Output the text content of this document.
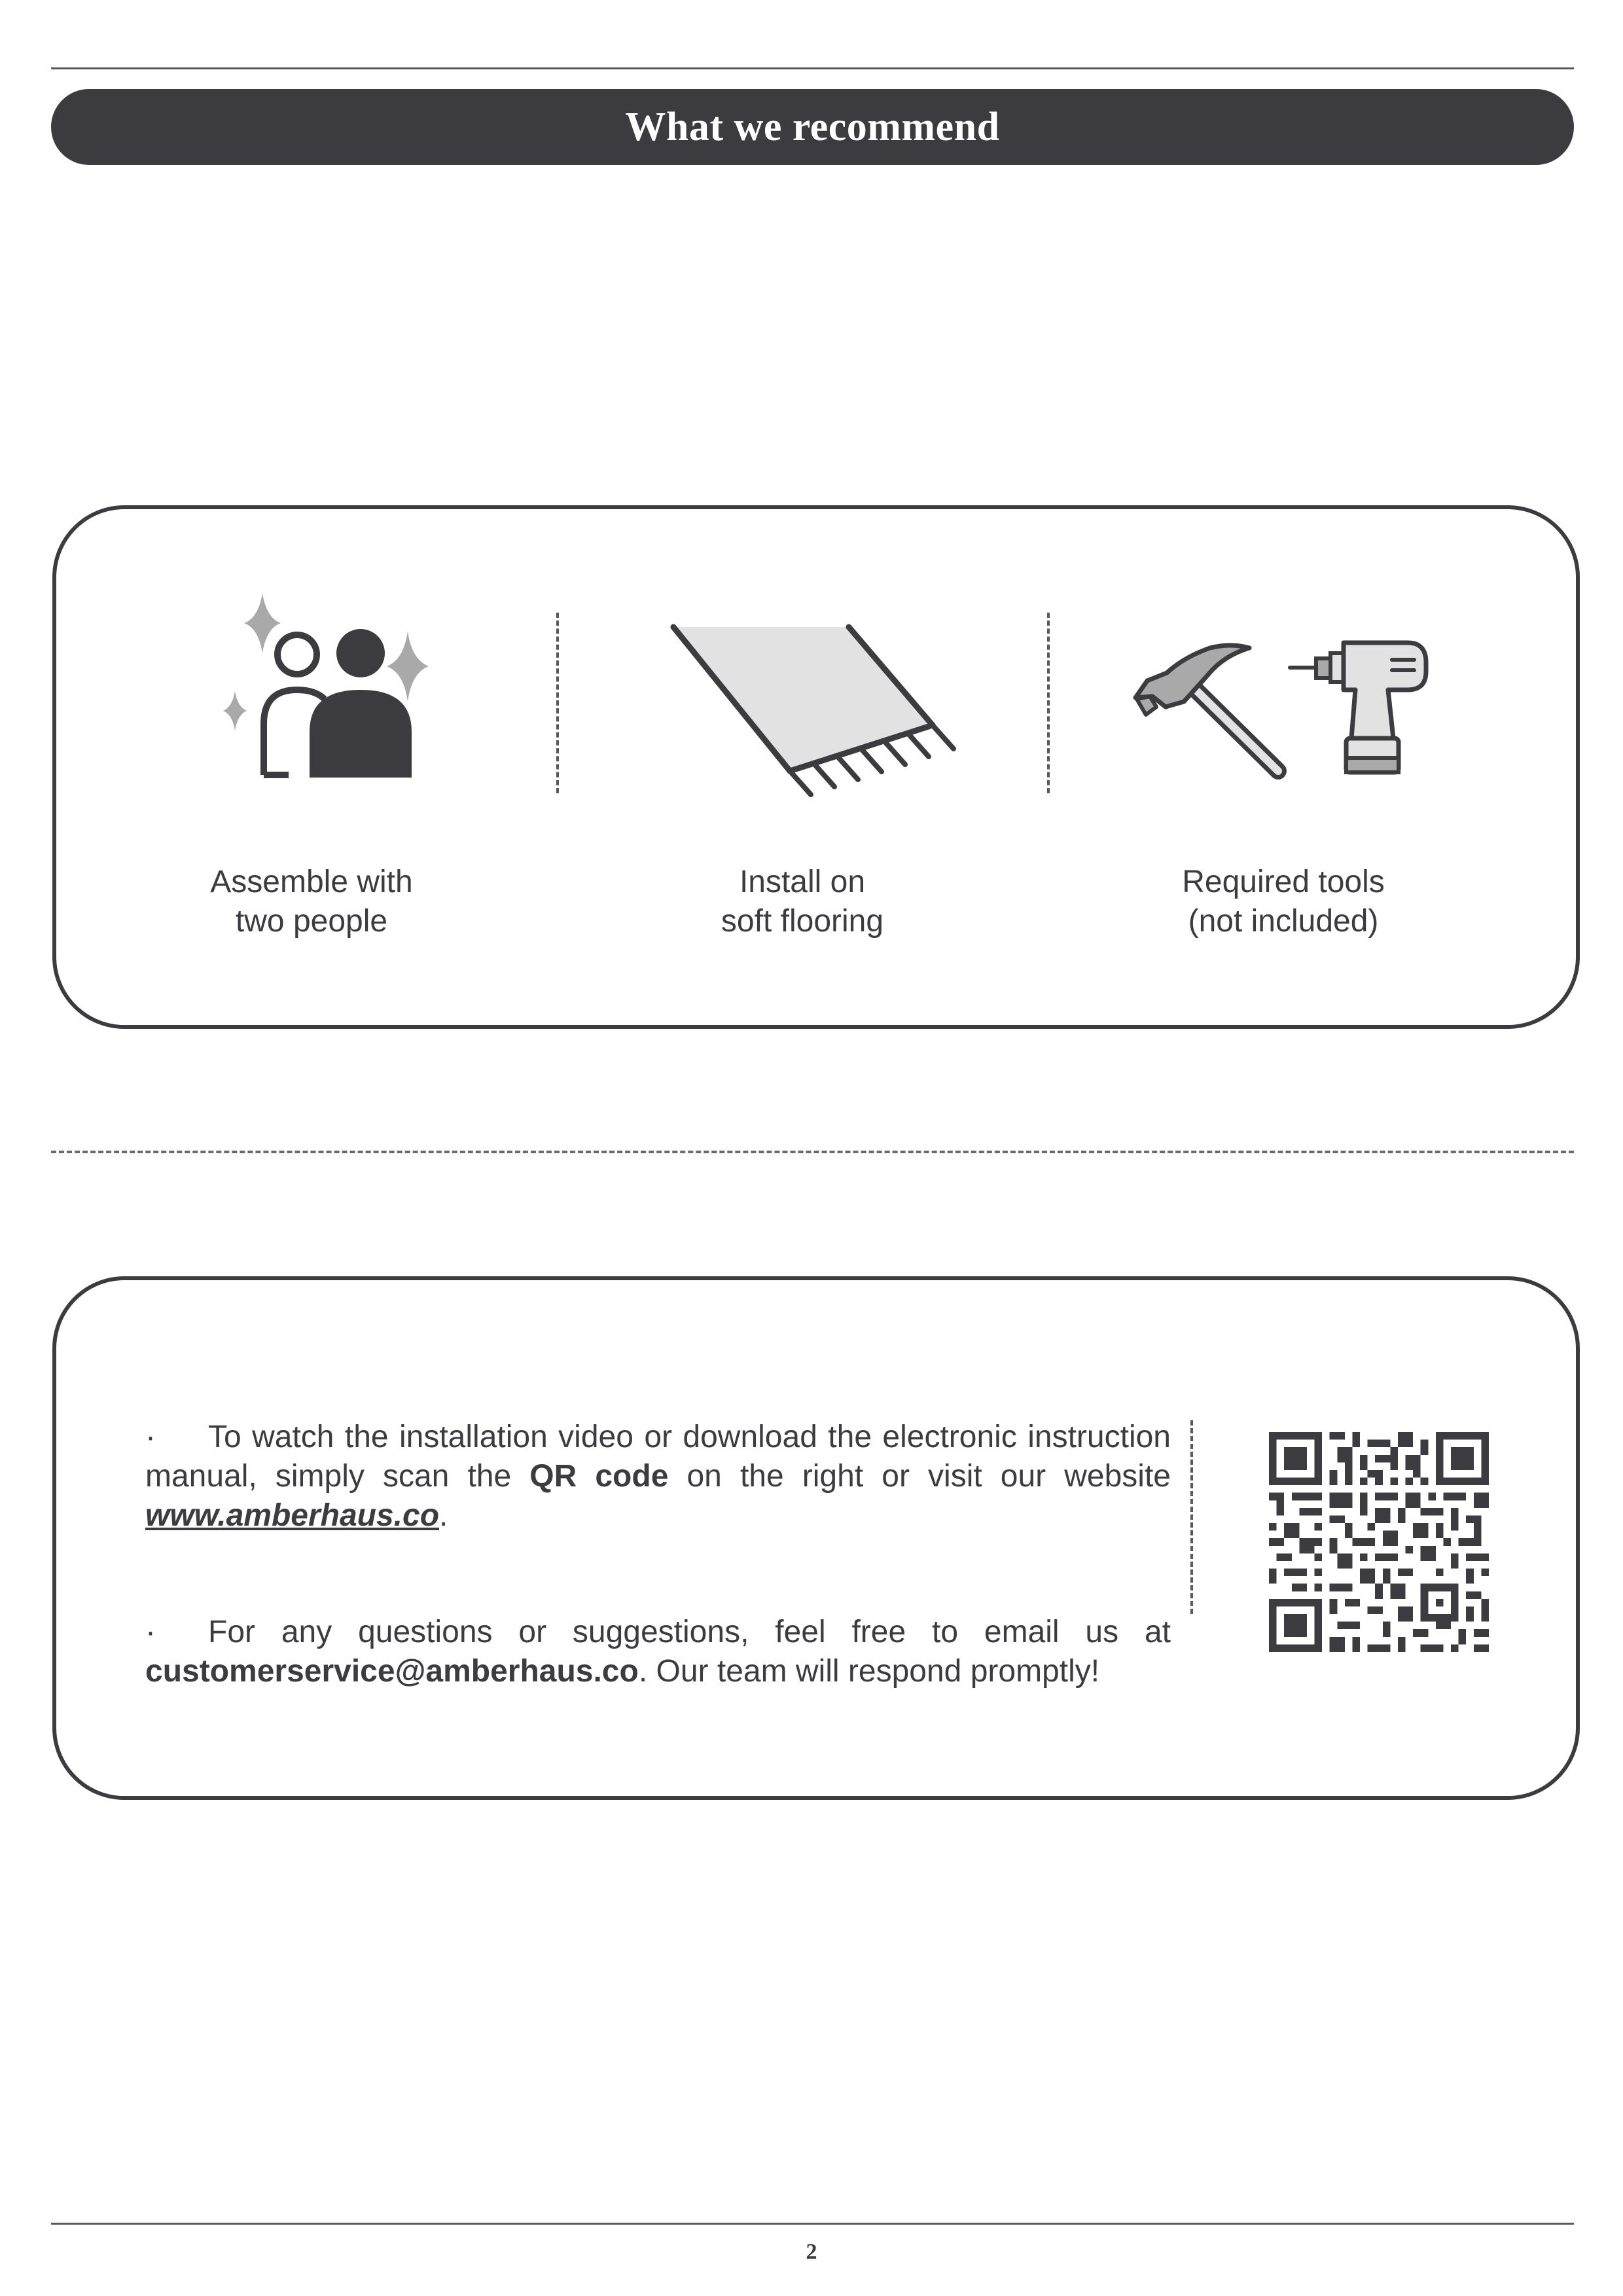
What we recommend
Assemble with
two people
Install on
soft flooring
Required tools
(not included)

· To watch the installation video or download the electronic instruction manual, simply scan the QR code on the right or visit our website www.amberhaus.co.

· For any questions or suggestions, feel free to email us at customerservice@amberhaus.co. Our team will respond promptly!

2
